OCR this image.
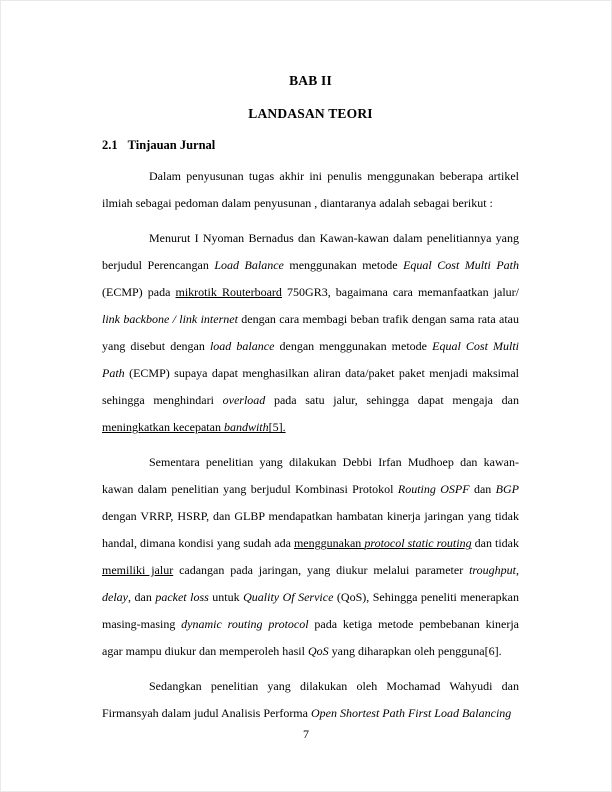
BAB II
LANDASAN TEORI
2.1 Tinjauan Jurnal

Dalam penyusunan tugas akhir ini penulis menggunakan beberapa artikel ilmiah sebagai pedoman dalam penyusunan , diantaranya adalah sebagai berikut :

Menurut I Nyoman Bernadus dan Kawan-kawan dalam penelitiannya yang berjudul Perencangan Load Balance menggunakan metode Equal Cost Multi Path (ECMP) pada mikrotik Routerboard 750GR3, bagaimana cara memanfaatkan jalur/ link backbone / link internet dengan cara membagi beban trafik dengan sama rata atau yang disebut dengan load balance dengan menggunakan metode Equal Cost Multi Path (ECMP) supaya dapat menghasilkan aliran data/paket paket menjadi maksimal sehingga menghindari overload pada satu jalur, sehingga dapat mengaja dan meningkatkan kecepatan bandwith[5].

Sementara penelitian yang dilakukan Debbi Irfan Mudhoep dan kawan-kawan dalam penelitian yang berjudul Kombinasi Protokol Routing OSPF dan BGP dengan VRRP, HSRP, dan GLBP mendapatkan hambatan kinerja jaringan yang tidak handal, dimana kondisi yang sudah ada menggunakan protocol static routing dan tidak memiliki jalur cadangan pada jaringan, yang diukur melalui parameter troughput, delay, dan packet loss untuk Quality Of Service (QoS), Sehingga peneliti menerapkan masing-masing dynamic routing protocol pada ketiga metode pembebanan kinerja agar mampu diukur dan memperoleh hasil QoS yang diharapkan oleh pengguna[6].

Sedangkan penelitian yang dilakukan oleh Mochamad Wahyudi dan Firmansyah dalam judul Analisis Performa Open Shortest Path First Load Balancing

7
